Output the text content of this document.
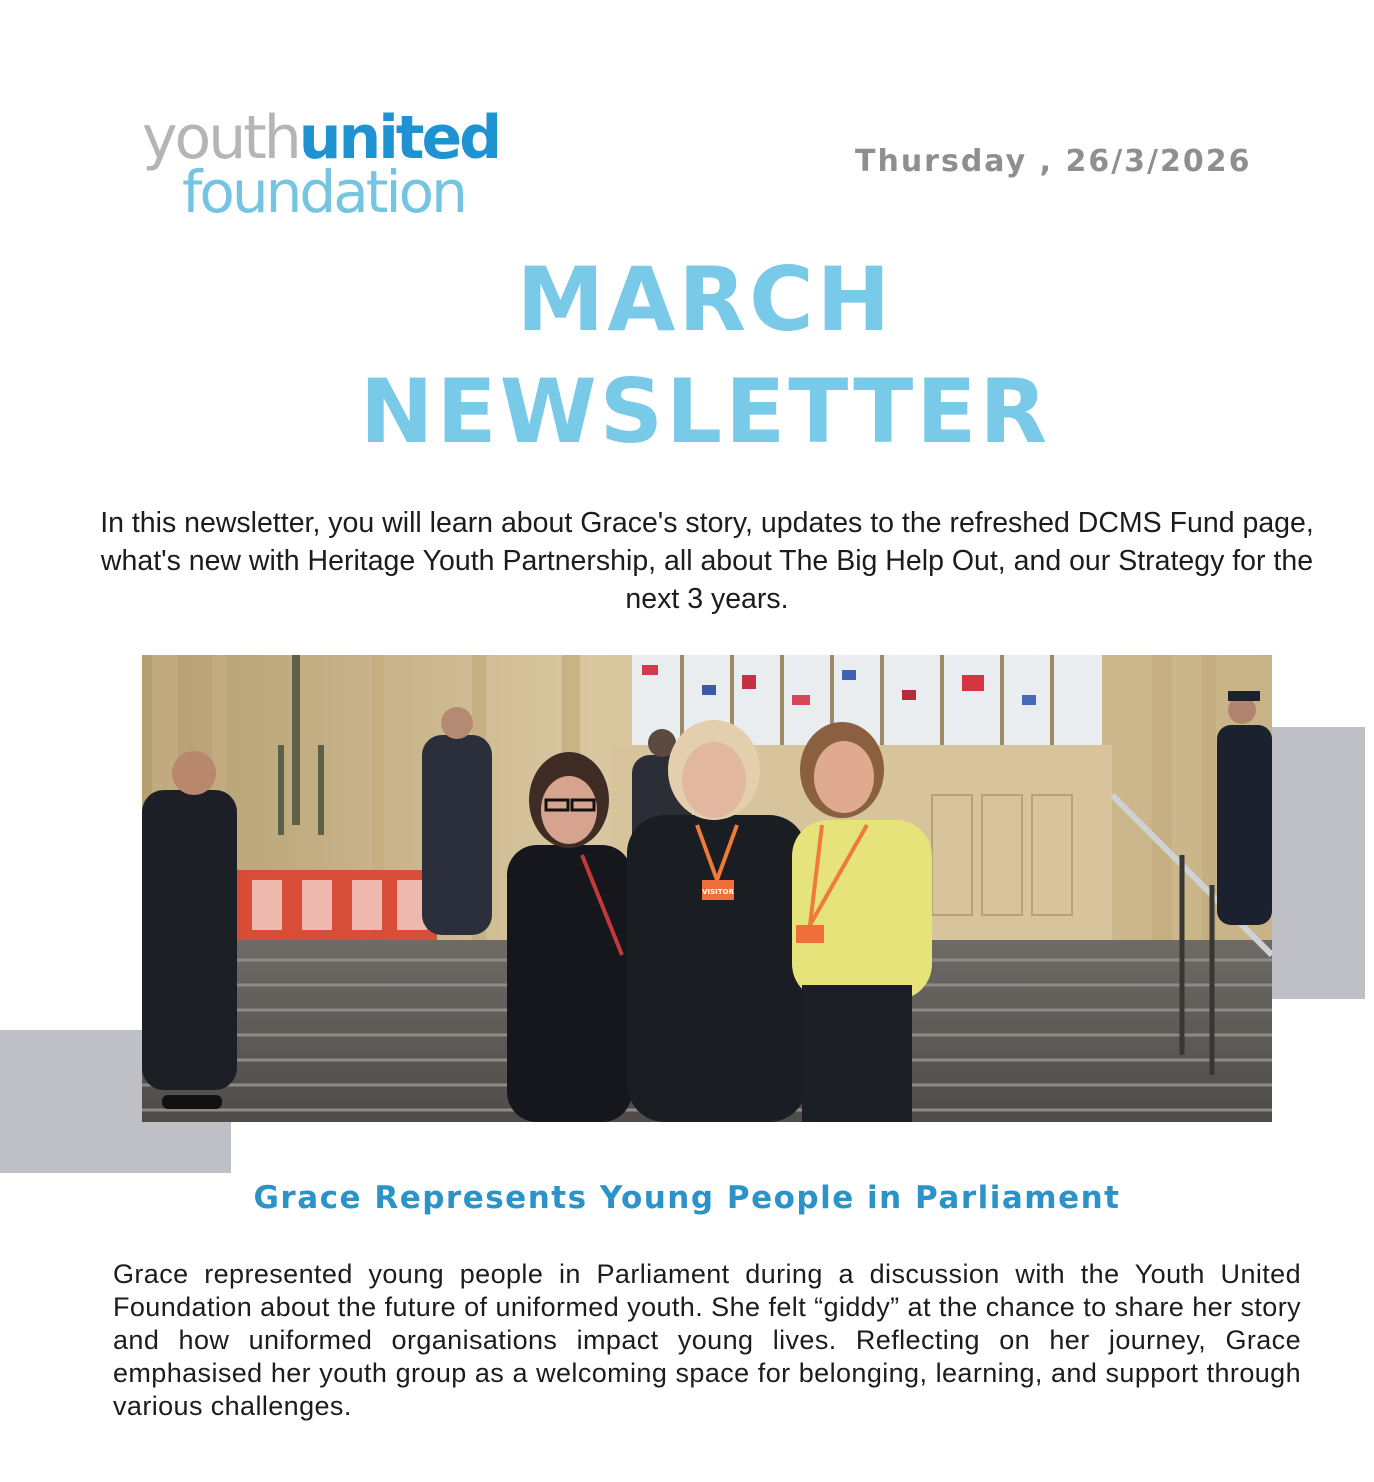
youthunited
foundation	Thursday , 26/3/2026
MARCH
NEWSLETTER
In this newsletter, you will learn about Grace's story, updates to the refreshed DCMS Fund page, what's new with Heritage Youth Partnership, all about The Big Help Out, and our Strategy for the next 3 years.
VISITOR
Grace Represents Young People in Parliament
Grace represented young people in Parliament during a discussion with the Youth United Foundation about the future of uniformed youth. She felt “giddy” at the chance to share her story and how uniformed organisations impact young lives. Reflecting on her journey, Grace emphasised her youth group as a welcoming space for belonging, learning, and support through various challenges.
